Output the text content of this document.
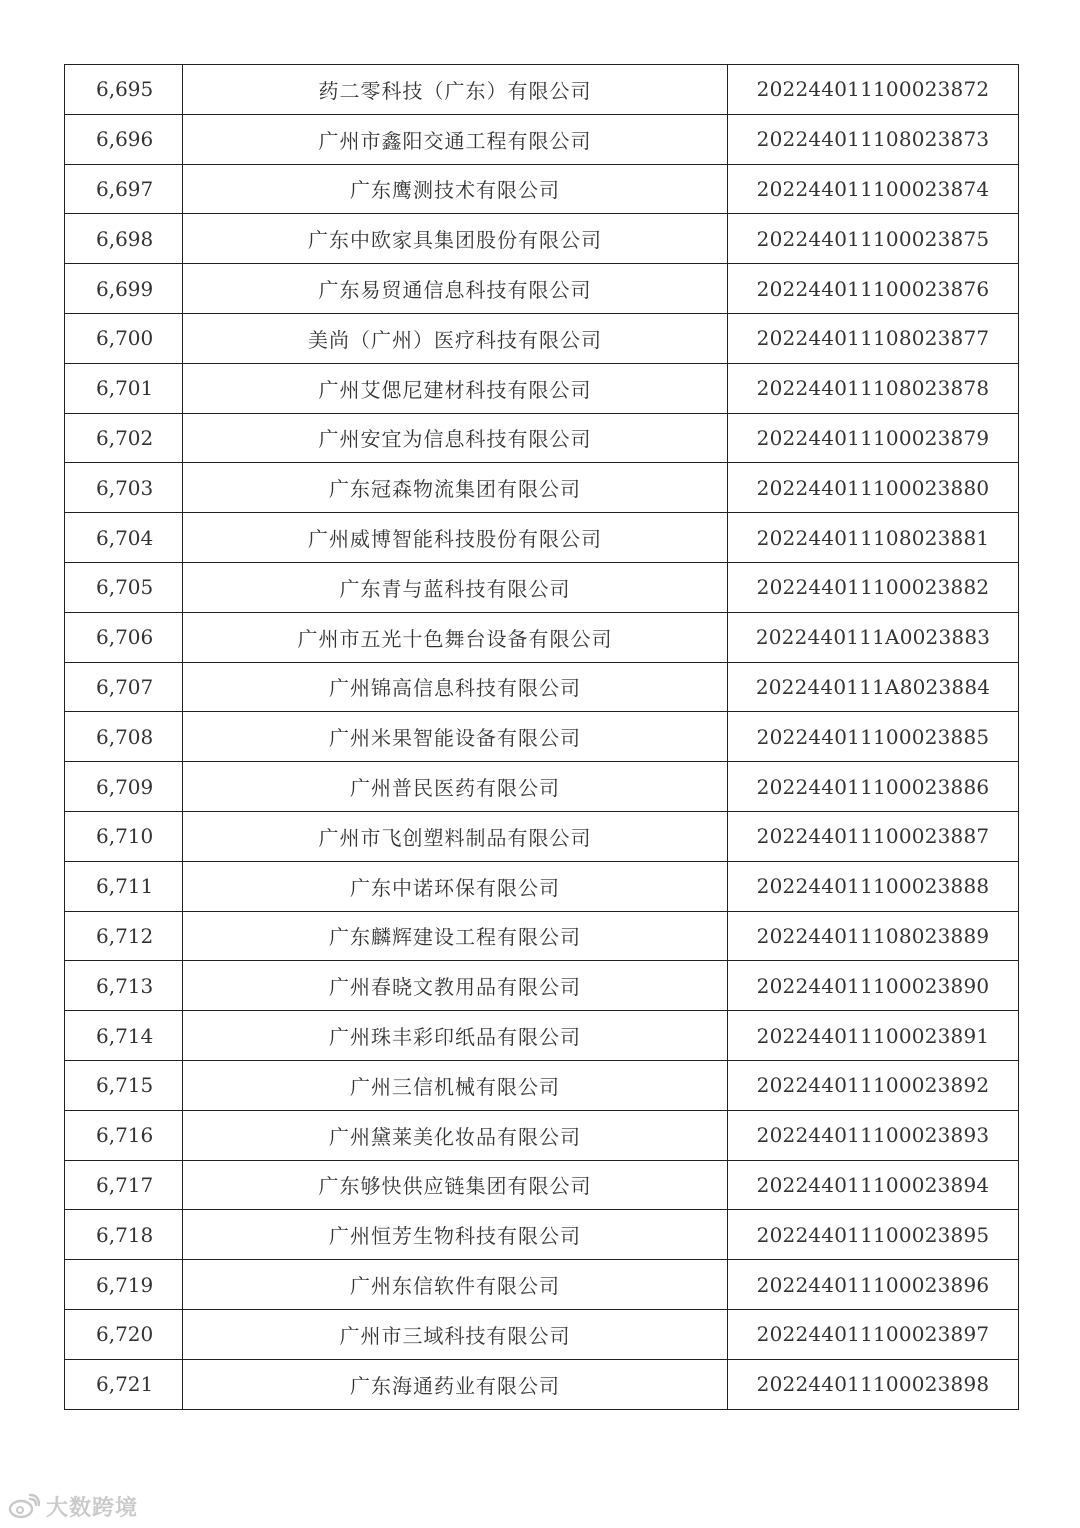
6,695	药二零科技（广东）有限公司	202244011100023872
6,696	广州市鑫阳交通工程有限公司	202244011108023873
6,697	广东鹰测技术有限公司	202244011100023874
6,698	广东中欧家具集团股份有限公司	202244011100023875
6,699	广东易贸通信息科技有限公司	202244011100023876
6,700	美尚（广州）医疗科技有限公司	202244011108023877
6,701	广州艾偲尼建材科技有限公司	202244011108023878
6,702	广州安宜为信息科技有限公司	202244011100023879
6,703	广东冠森物流集团有限公司	202244011100023880
6,704	广州威博智能科技股份有限公司	202244011108023881
6,705	广东青与蓝科技有限公司	202244011100023882
6,706	广州市五光十色舞台设备有限公司	2022440111A0023883
6,707	广州锦高信息科技有限公司	2022440111A8023884
6,708	广州米果智能设备有限公司	202244011100023885
6,709	广州普民医药有限公司	202244011100023886
6,710	广州市飞创塑料制品有限公司	202244011100023887
6,711	广东中诺环保有限公司	202244011100023888
6,712	广东麟辉建设工程有限公司	202244011108023889
6,713	广州春晓文教用品有限公司	202244011100023890
6,714	广州珠丰彩印纸品有限公司	202244011100023891
6,715	广州三信机械有限公司	202244011100023892
6,716	广州黛莱美化妆品有限公司	202244011100023893
6,717	广东够快供应链集团有限公司	202244011100023894
6,718	广州恒芳生物科技有限公司	202244011100023895
6,719	广州东信软件有限公司	202244011100023896
6,720	广州市三域科技有限公司	202244011100023897
6,721	广东海通药业有限公司	202244011100023898
大数跨境
